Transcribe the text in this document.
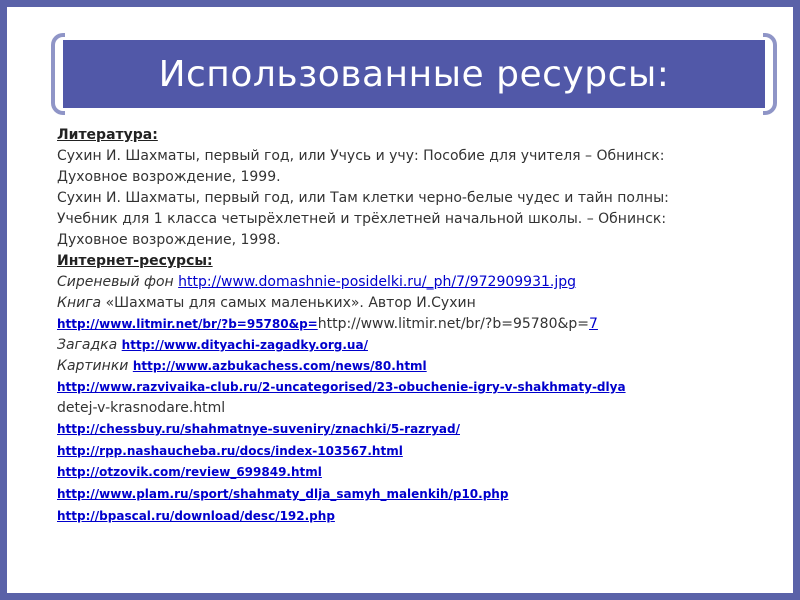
Использованные ресурсы:
Литература:
Сухин И. Шахматы, первый год, или Учусь и учу: Пособие для учителя – Обнинск:
Духовное возрождение, 1999.
Сухин И. Шахматы, первый год, или Там клетки черно-белые чудес и тайн полны:
Учебник для 1 класса четырёхлетней и трёхлетней начальной школы. – Обнинск:
Духовное возрождение, 1998.
Интернет-ресурсы:
Сиреневый фон http://www.domashnie-posidelki.ru/_ph/7/972909931.jpg
Книга «Шахматы для самых маленьких». Автор И.Сухин
http://www.litmir.net/br/?b=95780&p=http://www.litmir.net/br/?b=95780&p=7
Загадка http://www.dityachi-zagadky.org.ua/
Картинки http://www.azbukachess.com/news/80.html
http://www.razvivaika-club.ru/2-uncategorised/23-obuchenie-igry-v-shakhmaty-dlya
detej-v-krasnodare.html
http://chessbuy.ru/shahmatnye-suveniry/znachki/5-razryad/
http://rpp.nashaucheba.ru/docs/index-103567.html
http://otzovik.com/review_699849.html
http://www.plam.ru/sport/shahmaty_dlja_samyh_malenkih/p10.php
http://bpascal.ru/download/desc/192.php
